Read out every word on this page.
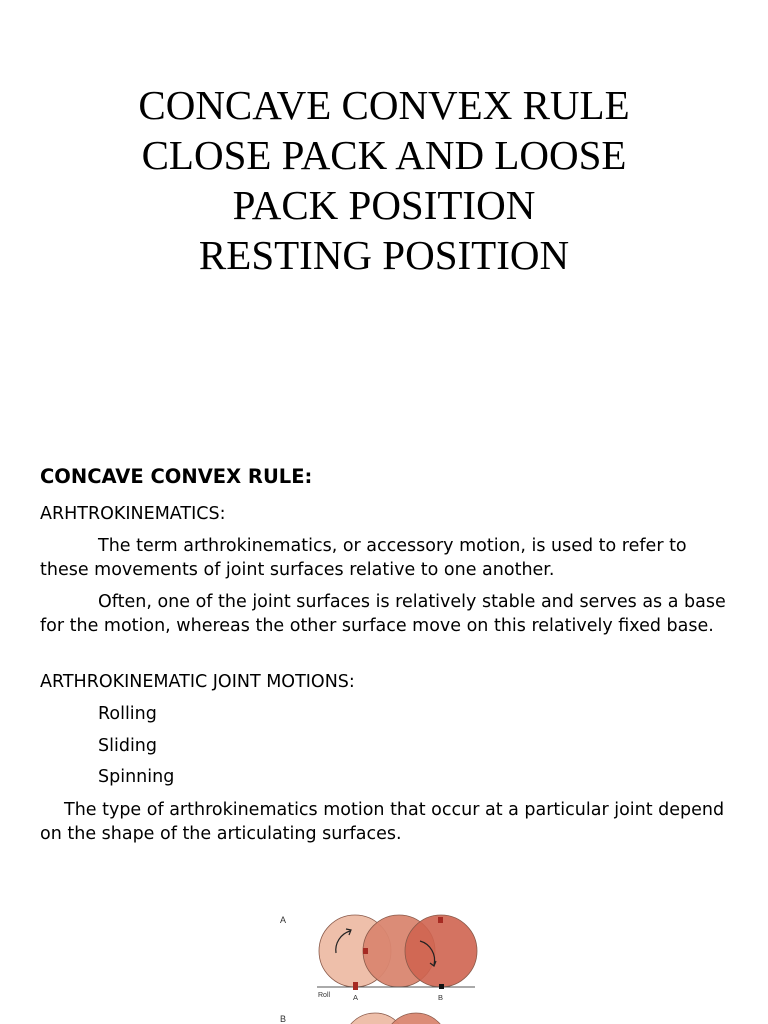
CONCAVE CONVEX RULE
CLOSE PACK AND LOOSE
PACK POSITION
RESTING POSITION

CONCAVE CONVEX RULE:

ARHTROKINEMATICS:

The term arthrokinematics, or accessory motion, is used to refer to these movements of joint surfaces relative to one another.

Often, one of the joint surfaces is relatively stable and serves as a base for the motion, whereas the other surface move on this relatively fixed base.

ARTHROKINEMATIC JOINT MOTIONS:

Rolling

Sliding

Spinning

The type of arthrokinematics motion that occur at a particular joint depend on the shape of the articulating surfaces.

A
Roll	A	B
B
